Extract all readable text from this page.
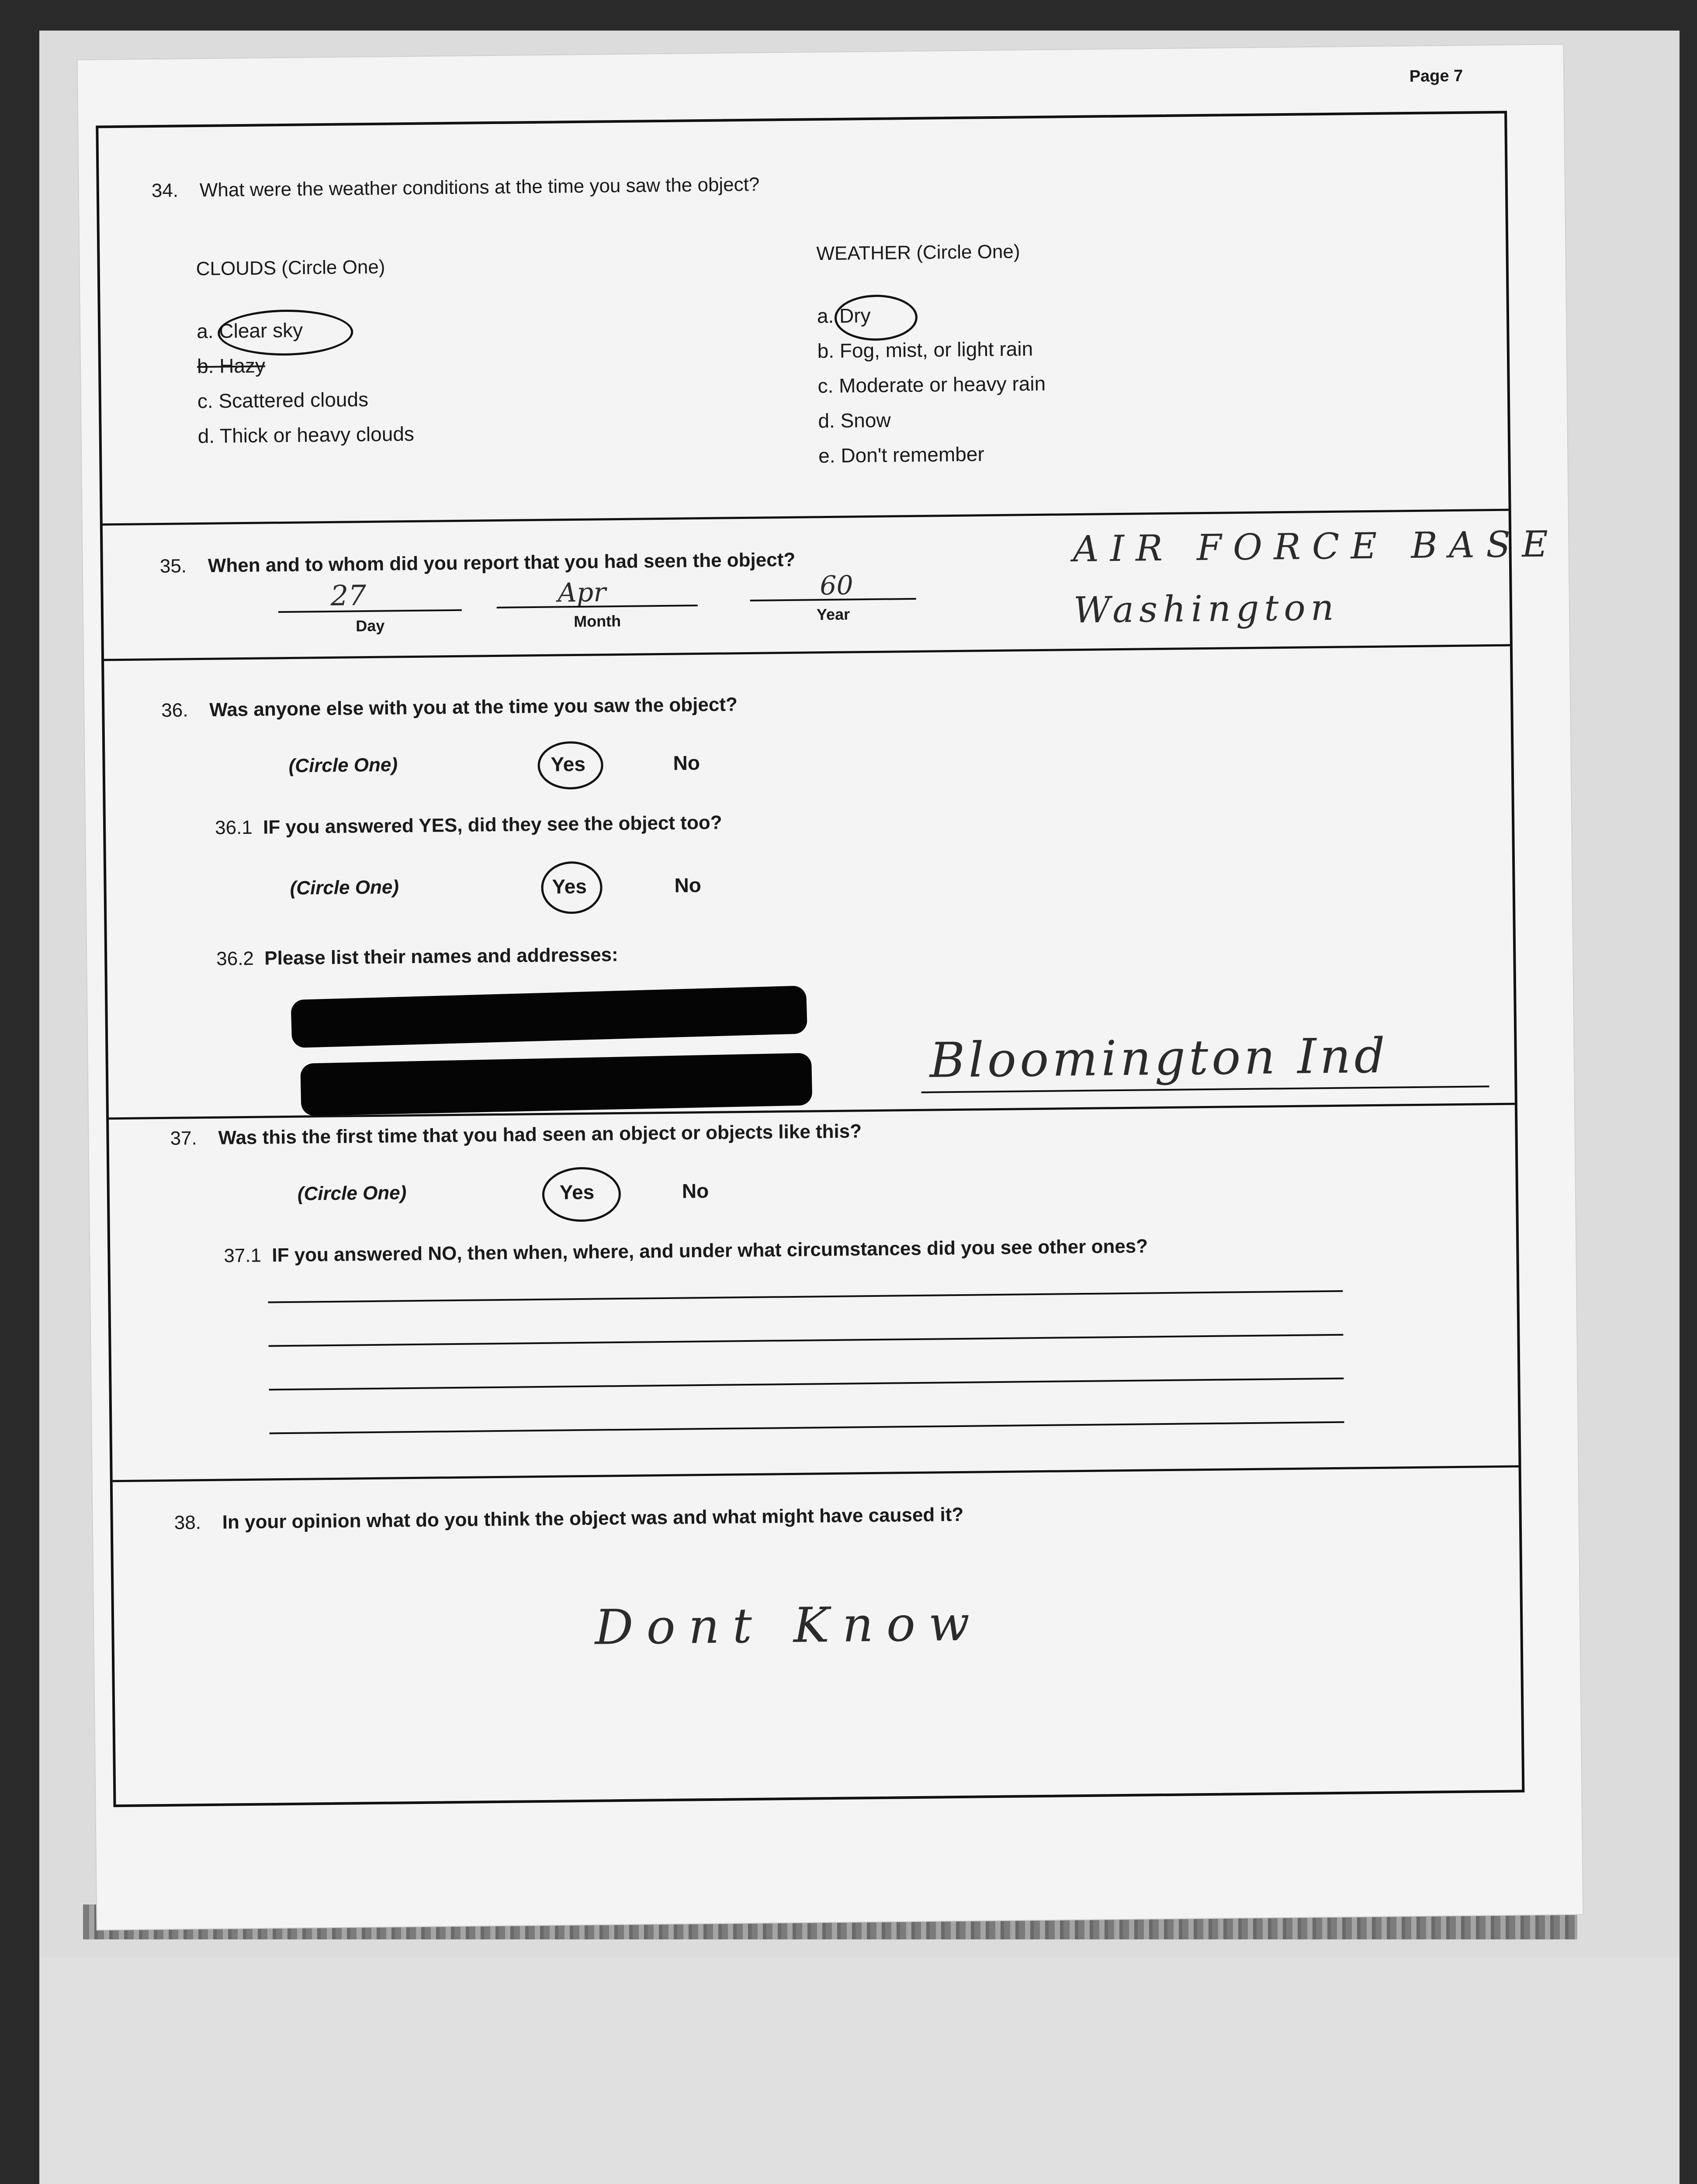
Page 7
34. What were the weather conditions at the time you saw the object?
CLOUDS (Circle One)
a. Clear sky
b. Hazy
c. Scattered clouds
d. Thick or heavy clouds
WEATHER (Circle One)
a. Dry
b. Fog, mist, or light rain
c. Moderate or heavy rain
d. Snow
e. Don't remember
35. When and to whom did you report that you had seen the object?
27
Day
Apr
Month
60
Year
AIR FORCE BASE
Washington
36. Was anyone else with you at the time you saw the object?
(Circle One)	Yes	No
36.1 IF you answered YES, did they see the object too?
(Circle One)	Yes	No
36.2 Please list their names and addresses:
Bloomington Ind
37. Was this the first time that you had seen an object or objects like this?
(Circle One)	Yes	No
37.1 IF you answered NO, then when, where, and under what circumstances did you see other ones?
38. In your opinion what do you think the object was and what might have caused it?
Dont Know
